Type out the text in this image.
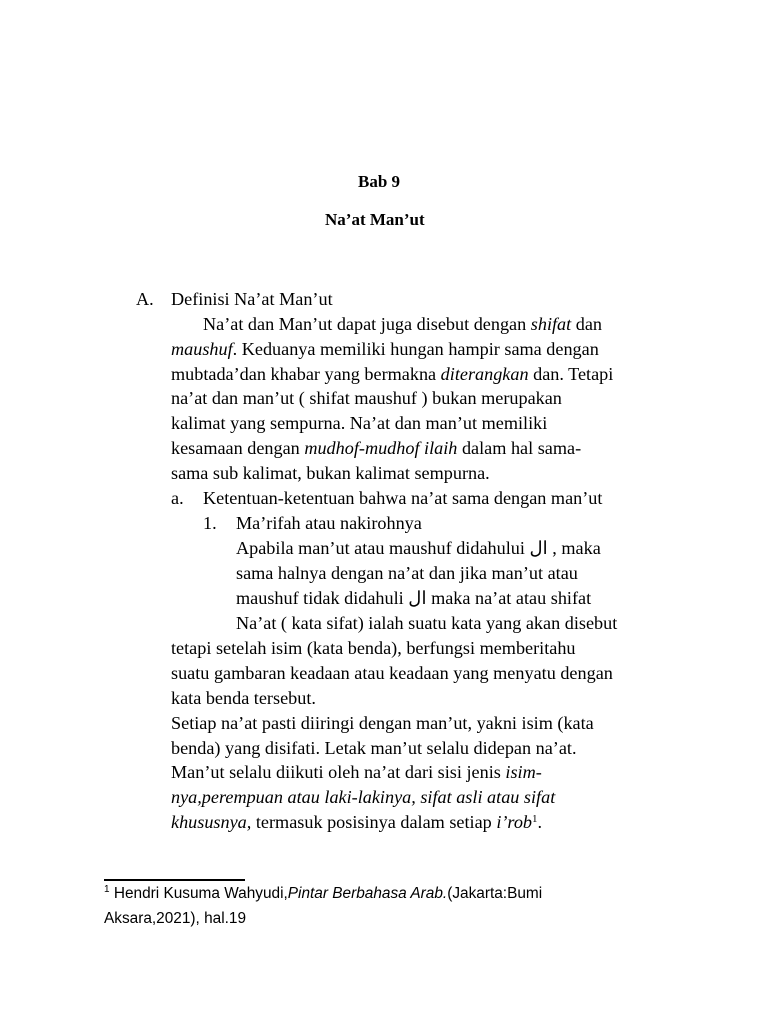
Bab 9
Na’at Man’ut
A. Definisi Na’at Man’ut
Na’at dan Man’ut dapat juga disebut dengan shifat dan
maushuf. Keduanya memiliki hungan hampir sama dengan
mubtada’dan khabar yang bermakna diterangkan dan. Tetapi
na’at dan man’ut ( shifat maushuf ) bukan merupakan
kalimat yang sempurna. Na’at dan man’ut memiliki
kesamaan dengan mudhof-mudhof ilaih dalam hal sama-
sama sub kalimat, bukan kalimat sempurna.
a. Ketentuan-ketentuan bahwa na’at sama dengan man’ut
1. Ma’rifah atau nakirohnya
Apabila man’ut atau maushuf didahului ال , maka
sama halnya dengan na’at dan jika man’ut atau
maushuf tidak didahuli ال maka na’at atau shifat
Na’at ( kata sifat) ialah suatu kata yang akan disebut
tetapi setelah isim (kata benda), berfungsi memberitahu
suatu gambaran keadaan atau keadaan yang menyatu dengan
kata benda tersebut.
Setiap na’at pasti diiringi dengan man’ut, yakni isim (kata
benda) yang disifati. Letak man’ut selalu didepan na’at.
Man’ut selalu diikuti oleh na’at dari sisi jenis isim-
nya,perempuan atau laki-lakinya, sifat asli atau sifat
khususnya, termasuk posisinya dalam setiap i’rob$^1$.
$^1$ Hendri Kusuma Wahyudi,Pintar Berbahasa Arab.(Jakarta:Bumi
Aksara,2021), hal.19
